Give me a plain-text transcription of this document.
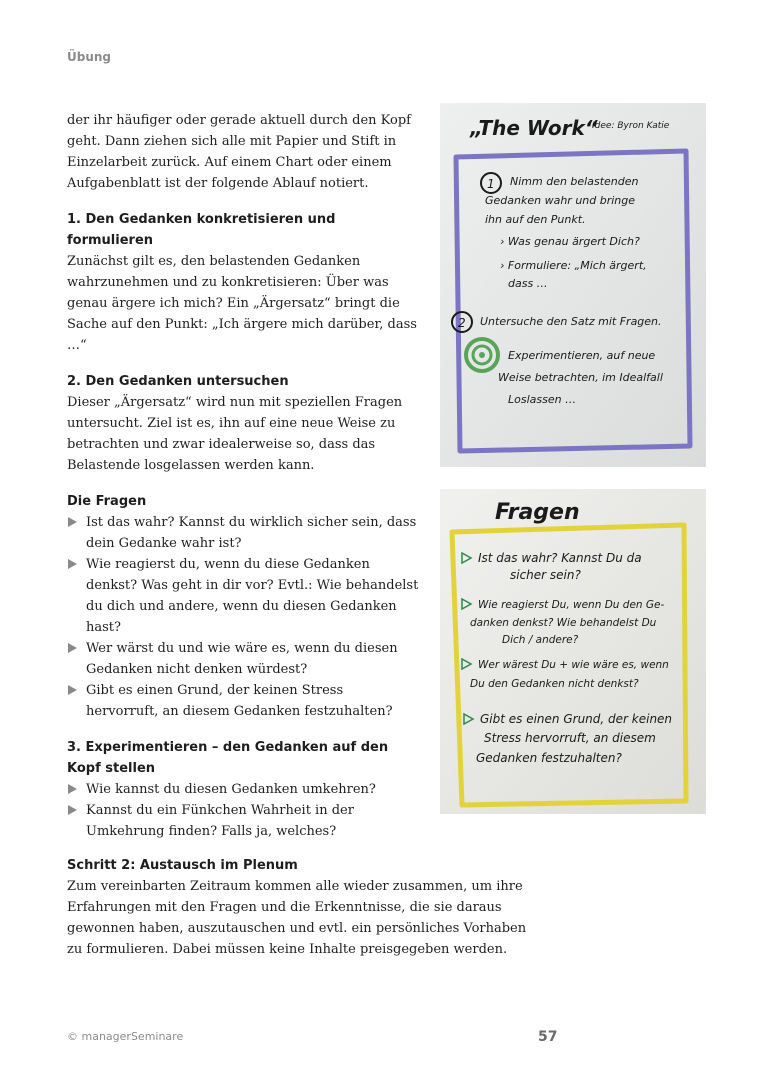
Übung

der ihr häufiger oder gerade aktuell durch den Kopf geht. Dann ziehen sich alle mit Papier und Stift in Einzelarbeit zurück. Auf einem Chart oder einem Aufgabenblatt ist der folgende Ablauf notiert.

1. Den Gedanken konkretisieren und formulieren

Zunächst gilt es, den belastenden Gedanken wahrzunehmen und zu konkretisieren: Über was genau ärgere ich mich? Ein „Ärgersatz“ bringt die Sache auf den Punkt: „Ich ärgere mich darüber, dass …“

2. Den Gedanken untersuchen

Dieser „Ärgersatz“ wird nun mit speziellen Fragen untersucht. Ziel ist es, ihn auf eine neue Weise zu betrachten und zwar idealerweise so, dass das Belastende losgelassen werden kann.

Die Fragen

Ist das wahr? Kannst du wirklich sicher sein, dass dein Gedanke wahr ist?
Wie reagierst du, wenn du diese Gedanken denkst? Was geht in dir vor? Evtl.: Wie behandelst du dich und andere, wenn du diesen Gedanken hast?
Wer wärst du und wie wäre es, wenn du diesen Gedanken nicht denken würdest?
Gibt es einen Grund, der keinen Stress hervorruft, an diesem Gedanken festzuhalten?

3. Experimentieren – den Gedanken auf den Kopf stellen

Wie kannst du diesen Gedanken umkehren?
Kannst du ein Fünkchen Wahrheit in der Umkehrung finden? Falls ja, welches?

Schritt 2: Austausch im Plenum

Zum vereinbarten Zeitraum kommen alle wieder zusammen, um ihre Erfahrungen mit den Fragen und die Erkenntnisse, die sie daraus gewonnen haben, auszutauschen und evtl. ein persönliches Vorhaben zu formulieren. Dabei müssen keine Inhalte preisgegeben werden.

„The Work“
Idee: Byron Katie
1 Nimm den belastenden
Gedanken wahr und bringe
ihn auf den Punkt.
› Was genau ärgert Dich?
› Formuliere: „Mich ärgert,
dass …
2 Untersuche den Satz mit Fragen.
Experimentieren, auf neue
Weise betrachten, im Idealfall
Loslassen …
Fragen
Ist das wahr? Kannst Du da
sicher sein?
Wie reagierst Du, wenn Du den Ge-
danken denkst? Wie behandelst Du
Dich / andere?
Wer wärest Du + wie wäre es, wenn
Du den Gedanken nicht denkst?
Gibt es einen Grund, der keinen
Stress hervorruft, an diesem
Gedanken festzuhalten?
© managerSeminare	57
